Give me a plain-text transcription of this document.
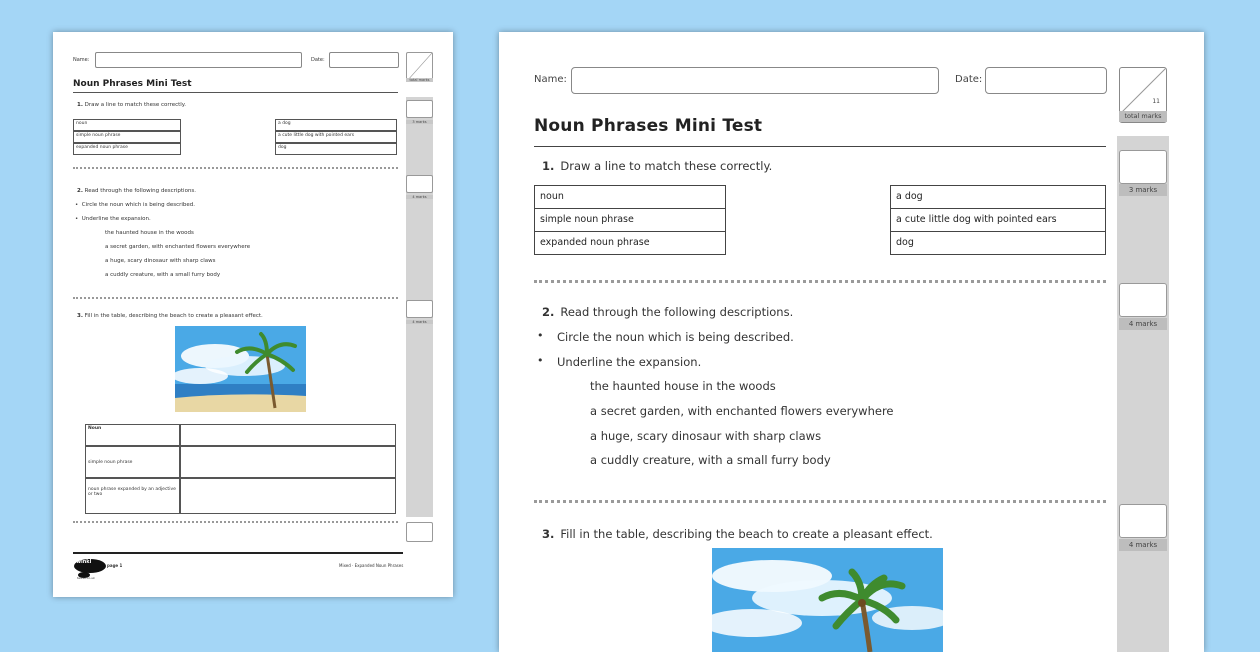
Name:	Date:
total marks
Noun Phrases Mini Test
1. Draw a line to match these correctly.
noun
simple noun phrase
expanded noun phrase
a dog
a cute little dog with pointed ears
dog
3 marks
2. Read through the following descriptions.
•  Circle the noun which is being described.
•  Underline the expansion.
the haunted house in the woods
a secret garden, with enchanted flowers everywhere
a huge, scary dinosaur with sharp claws
a cuddly creature, with a small furry body
4 marks
3. Fill in the table, describing the beach to create a pleasant effect.
Noun
simple noun phrase
noun phrase expanded by an adjective or two
4 marks
twinkl
twinkl.co.uk
page 1	Mixed · Expanded Noun Phrases
Name:	Date:
11
total marks
Noun Phrases Mini Test
1. Draw a line to match these correctly.
noun
simple noun phrase
expanded noun phrase
a dog
a cute little dog with pointed ears
dog
3 marks
2. Read through the following descriptions.
• Circle the noun which is being described.
• Underline the expansion.
the haunted house in the woods
a secret garden, with enchanted flowers everywhere
a huge, scary dinosaur with sharp claws
a cuddly creature, with a small furry body
4 marks
3. Fill in the table, describing the beach to create a pleasant effect.
4 marks
